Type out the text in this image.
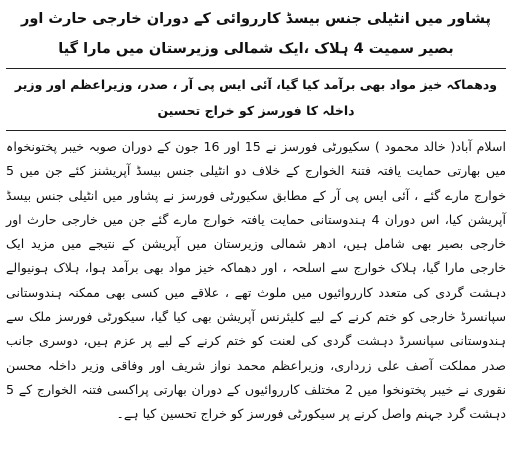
پشاور میں انٹیلی جنس بیسڈ کارروائی کے دوران خارجی حارث اور بصیر سمیت 4 ہلاک ،ایک شمالی وزیرستان میں مارا گیا
ودھماکہ خیز مواد بھی برآمد کیا گیا، آئی ایس پی آر ، صدر، وزیراعظم اور وزیر داخلہ کا فورسز کو خراج تحسین

اسلام آباد( خالد محمود ) سکیورٹی فورسز نے 15 اور 16 جون کے دوران صوبہ خیبر پختونخواہ میں بھارتی حمایت یافتہ فتنۃ الخوارج کے خلاف دو انٹیلی جنس بیسڈ آپریشنز کئے جن میں 5 خوارج مارے گئے ، آئی ایس پی آر کے مطابق سکیورٹی فورسز نے پشاور میں انٹیلی جنس بیسڈ آپریشن کیا، اس دوران 4 ہندوستانی حمایت یافتہ خوارج مارے گئے جن میں خارجی حارث اور خارجی بصیر بھی شامل ہیں، ادھر شمالی وزیرستان میں آپریشن کے نتیجے میں مزید ایک خارجی مارا گیا، ہلاک خوارج سے اسلحہ ، اور دھماکہ خیز مواد بھی برآمد ہوا، ہلاک ہونیوالے دہشت گردی کی متعدد کارروائیوں میں ملوث تھے ، علاقے میں کسی بھی ممکنہ ہندوستانی سپانسرڈ خارجی کو ختم کرنے کے لیے کلیئرنس آپریشن بھی کیا گیا، سیکورٹی فورسز ملک سے ہندوستانی سپانسرڈ دہشت گردی کی لعنت کو ختم کرنے کے لیے پر عزم ہیں، دوسری جانب صدر مملکت آصف علی زرداری، وزیراعظم محمد نواز شریف اور وفاقی وزیر داخلہ محسن نقوری نے خیبر پختونخوا میں 2 مختلف کارروائیوں کے دوران بھارتی پراکسی فتنہ الخوارج کے 5 دہشت گرد جہنم واصل کرنے پر سیکورٹی فورسز کو خراج تحسین کیا ہے۔
